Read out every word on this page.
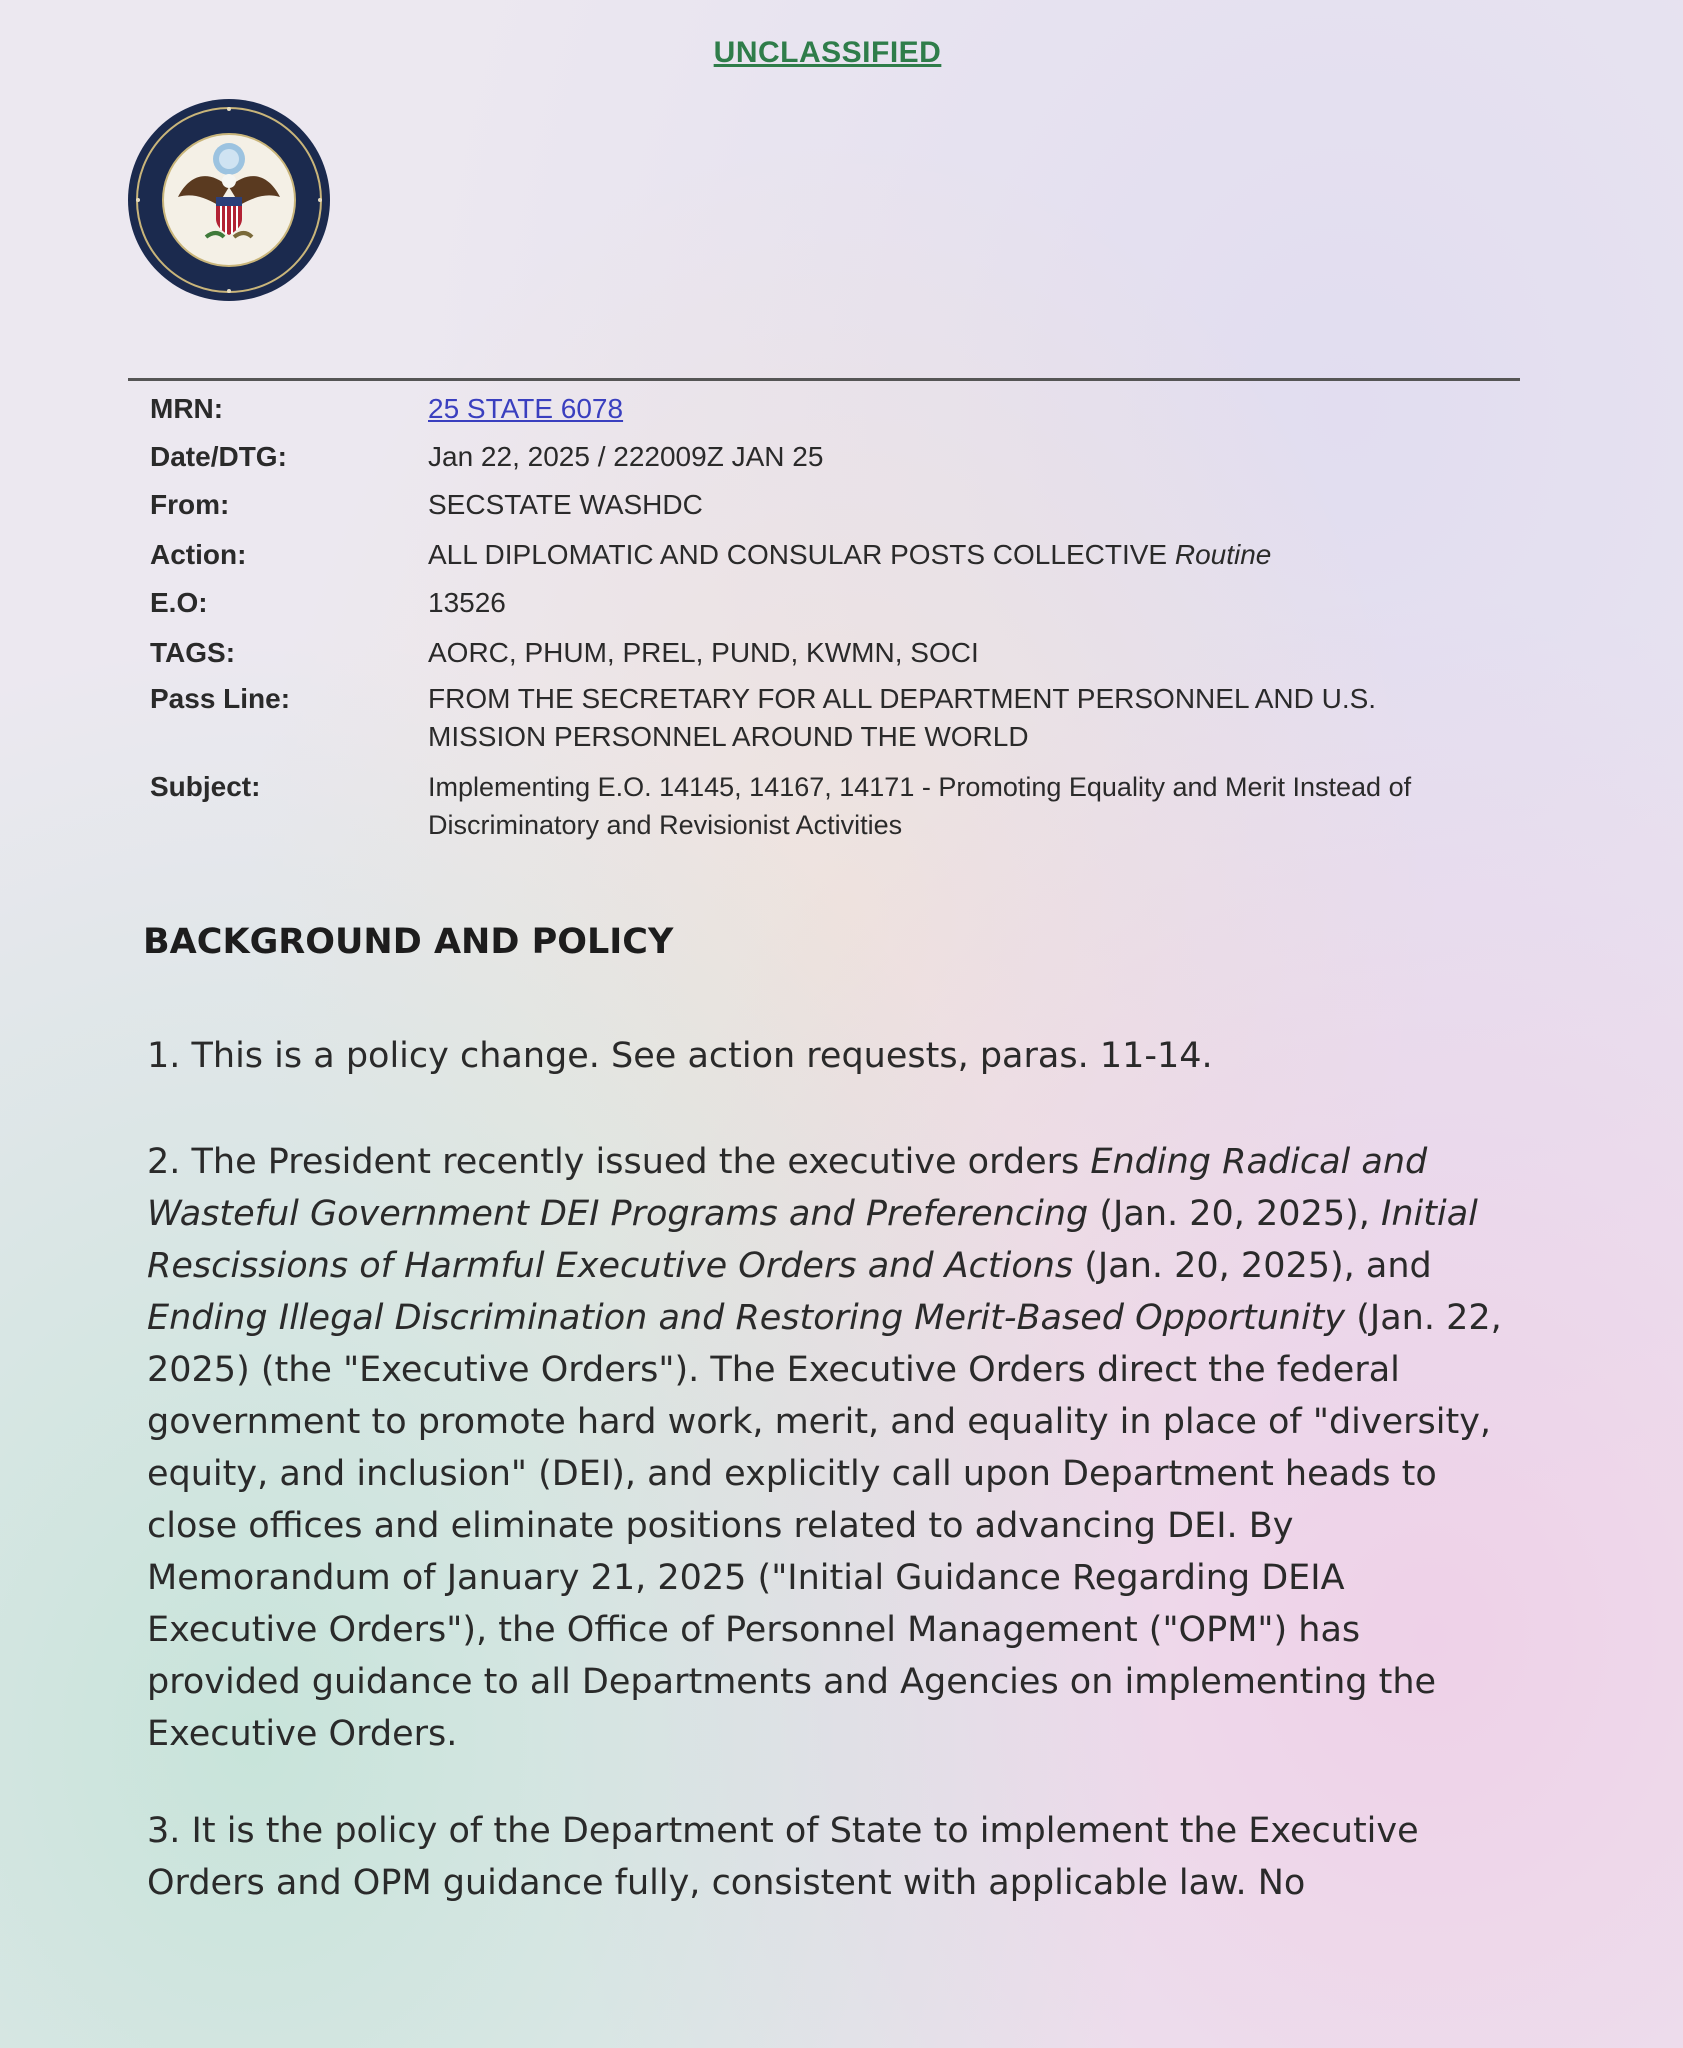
UNCLASSIFIED
MRN:	25 STATE 6078
Date/DTG:	Jan 22, 2025 / 222009Z JAN 25
From:	SECSTATE WASHDC
Action:	ALL DIPLOMATIC AND CONSULAR POSTS COLLECTIVE Routine
E.O:	13526
TAGS:	AORC, PHUM, PREL, PUND, KWMN, SOCI
Pass Line:	FROM THE SECRETARY FOR ALL DEPARTMENT PERSONNEL AND U.S. MISSION PERSONNEL AROUND THE WORLD
Subject:	Implementing E.O. 14145, 14167, 14171 - Promoting Equality and Merit Instead of Discriminatory and Revisionist Activities
BACKGROUND AND POLICY
1. This is a policy change. See action requests, paras. 11-14.
2. The President recently issued the executive orders Ending Radical and Wasteful Government DEI Programs and Preferencing (Jan. 20, 2025), Initial Rescissions of Harmful Executive Orders and Actions (Jan. 20, 2025), and Ending Illegal Discrimination and Restoring Merit-Based Opportunity (Jan. 22, 2025) (the "Executive Orders"). The Executive Orders direct the federal government to promote hard work, merit, and equality in place of "diversity, equity, and inclusion" (DEI), and explicitly call upon Department heads to close offices and eliminate positions related to advancing DEI. By Memorandum of January 21, 2025 ("Initial Guidance Regarding DEIA Executive Orders"), the Office of Personnel Management ("OPM") has provided guidance to all Departments and Agencies on implementing the Executive Orders.
3. It is the policy of the Department of State to implement the Executive Orders and OPM guidance fully, consistent with applicable law. No
